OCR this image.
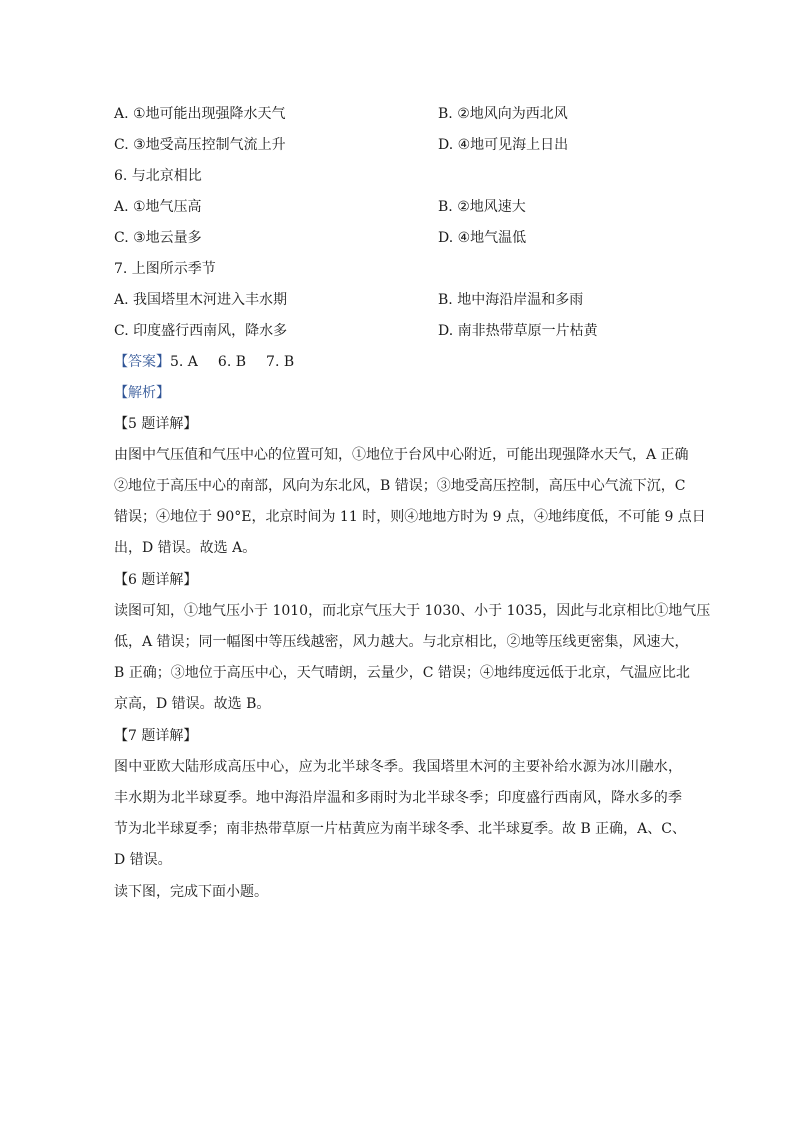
A. ①地可能出现强降水天气	B. ②地风向为西北风
C. ③地受高压控制气流上升	D. ④地可见海上日出
6. 与北京相比
A. ①地气压高	B. ②地风速大
C. ③地云量多	D. ④地气温低
7. 上图所示季节
A. 我国塔里木河进入丰水期	B. 地中海沿岸温和多雨
C. 印度盛行西南风，降水多	D. 南非热带草原一片枯黄
【答案】5. A 6. B 7. B
【解析】
【5 题详解】
由图中气压值和气压中心的位置可知，①地位于台风中心附近，可能出现强降水天气，A 正确
②地位于高压中心的南部，风向为东北风，B 错误；③地受高压控制，高压中心气流下沉，C
错误；④地位于 90°E，北京时间为 11 时，则④地地方时为 9 点，④地纬度低，不可能 9 点日
出，D 错误。故选 A。
【6 题详解】
读图可知，①地气压小于 1010，而北京气压大于 1030、小于 1035，因此与北京相比①地气压
低，A 错误；同一幅图中等压线越密，风力越大。与北京相比，②地等压线更密集，风速大，
B 正确；③地位于高压中心，天气晴朗，云量少，C 错误；④地纬度远低于北京，气温应比北
京高，D 错误。故选 B。
【7 题详解】
图中亚欧大陆形成高压中心，应为北半球冬季。我国塔里木河的主要补给水源为冰川融水，
丰水期为北半球夏季。地中海沿岸温和多雨时为北半球冬季；印度盛行西南风，降水多的季
节为北半球夏季；南非热带草原一片枯黄应为南半球冬季、北半球夏季。故 B 正确，A、C、
D 错误。
读下图，完成下面小题。
